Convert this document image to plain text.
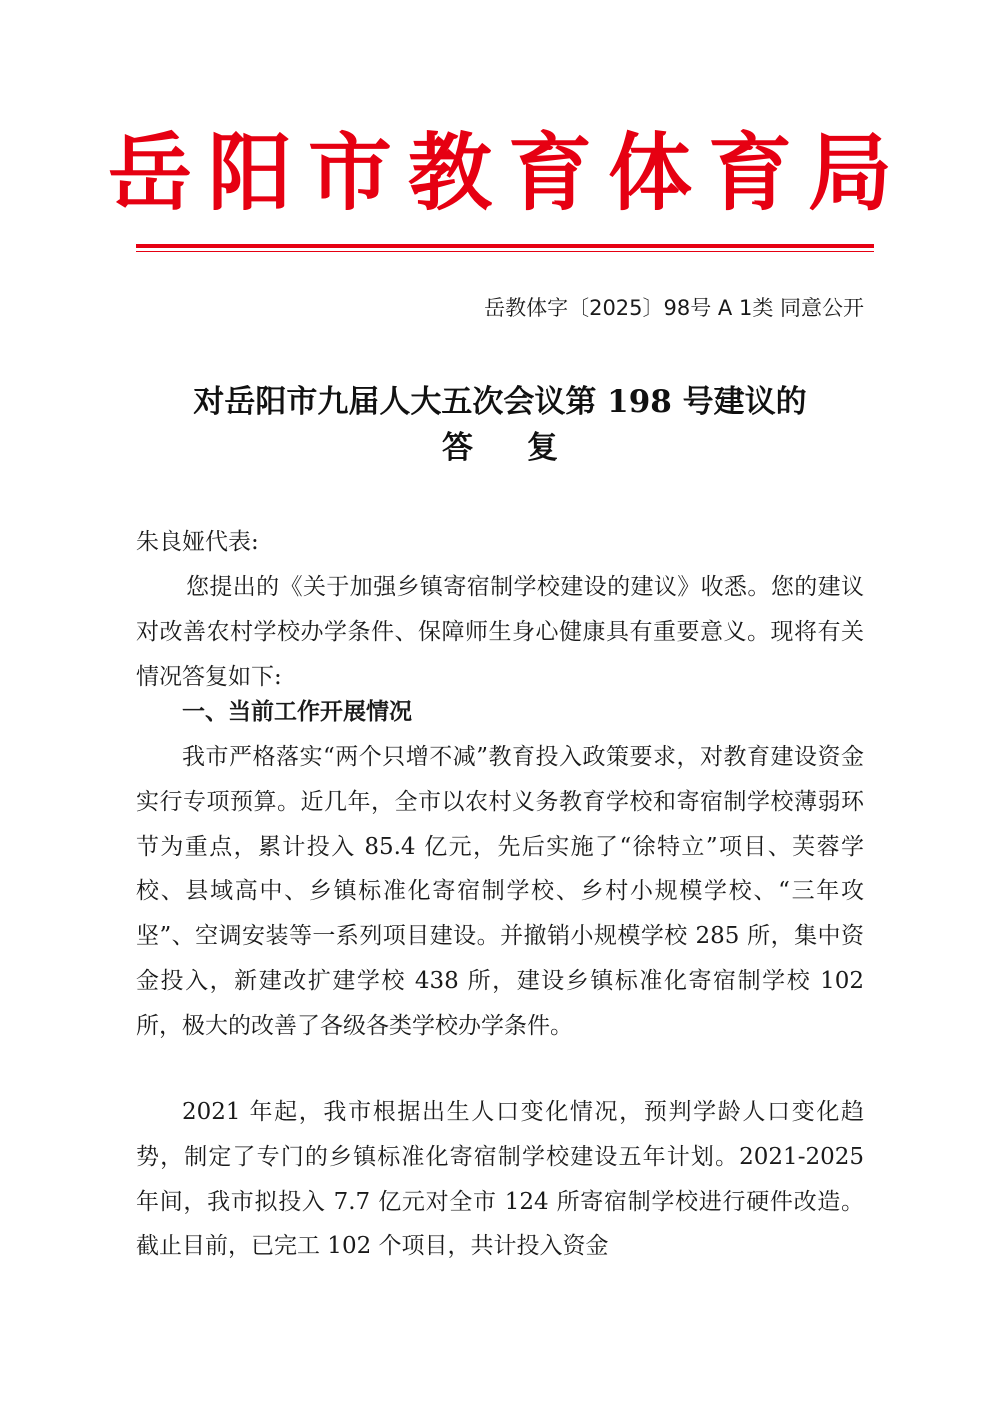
岳阳市教育体育局
岳教体字〔2025〕98号 A 1类 同意公开
对岳阳市九届人大五次会议第 198 号建议的
答复
朱良娅代表:
您提出的《关于加强乡镇寄宿制学校建设的建议》收悉。您的建议对改善农村学校办学条件、保障师生身心健康具有重要意义。现将有关情况答复如下:
一、当前工作开展情况
我市严格落实“两个只增不减”教育投入政策要求，对教育建设资金实行专项预算。近几年，全市以农村义务教育学校和寄宿制学校薄弱环节为重点，累计投入 85.4 亿元，先后实施了“徐特立”项目、芙蓉学校、县域高中、乡镇标准化寄宿制学校、乡村小规模学校、“三年攻坚”、空调安装等一系列项目建设。并撤销小规模学校 285 所，集中资金投入，新建改扩建学校 438 所，建设乡镇标准化寄宿制学校 102 所，极大的改善了各级各类学校办学条件。
2021 年起，我市根据出生人口变化情况，预判学龄人口变化趋势，制定了专门的乡镇标准化寄宿制学校建设五年计划。2021-2025 年间，我市拟投入 7.7 亿元对全市 124 所寄宿制学校进行硬件改造。截止目前，已完工 102 个项目，共计投入资金
